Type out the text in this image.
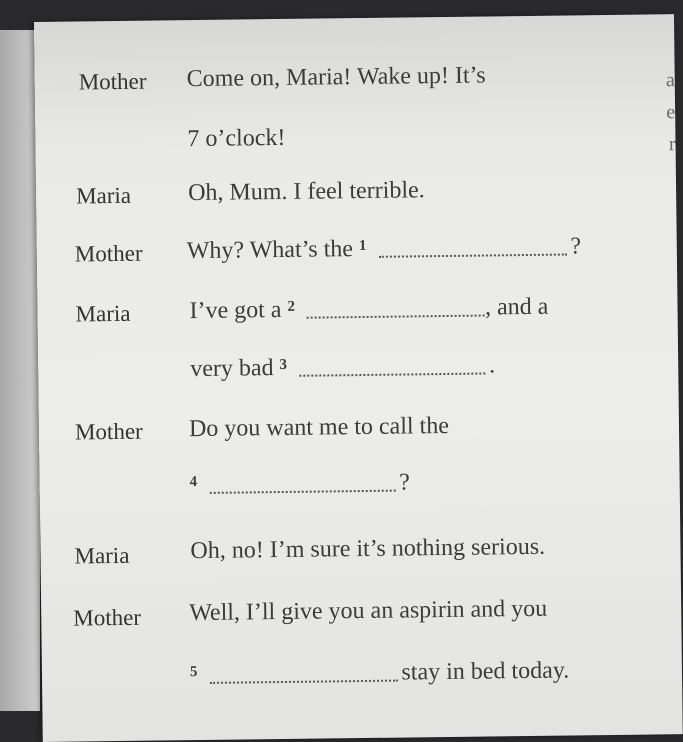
Mother Come on, Maria! Wake up! It’s
7 o’clock!
Maria Oh, Mum. I feel terrible.
Mother Why? What’s the $^1$	?
Maria I’ve got a $^2$	, and a
very bad $^3$	.
Mother Do you want me to call the
$^4$	?
Maria	Oh, no! I’m sure it’s nothing serious.
Mother Well, I’ll give you an aspirin and you
$^5$	stay in bed today.
a
e
r
